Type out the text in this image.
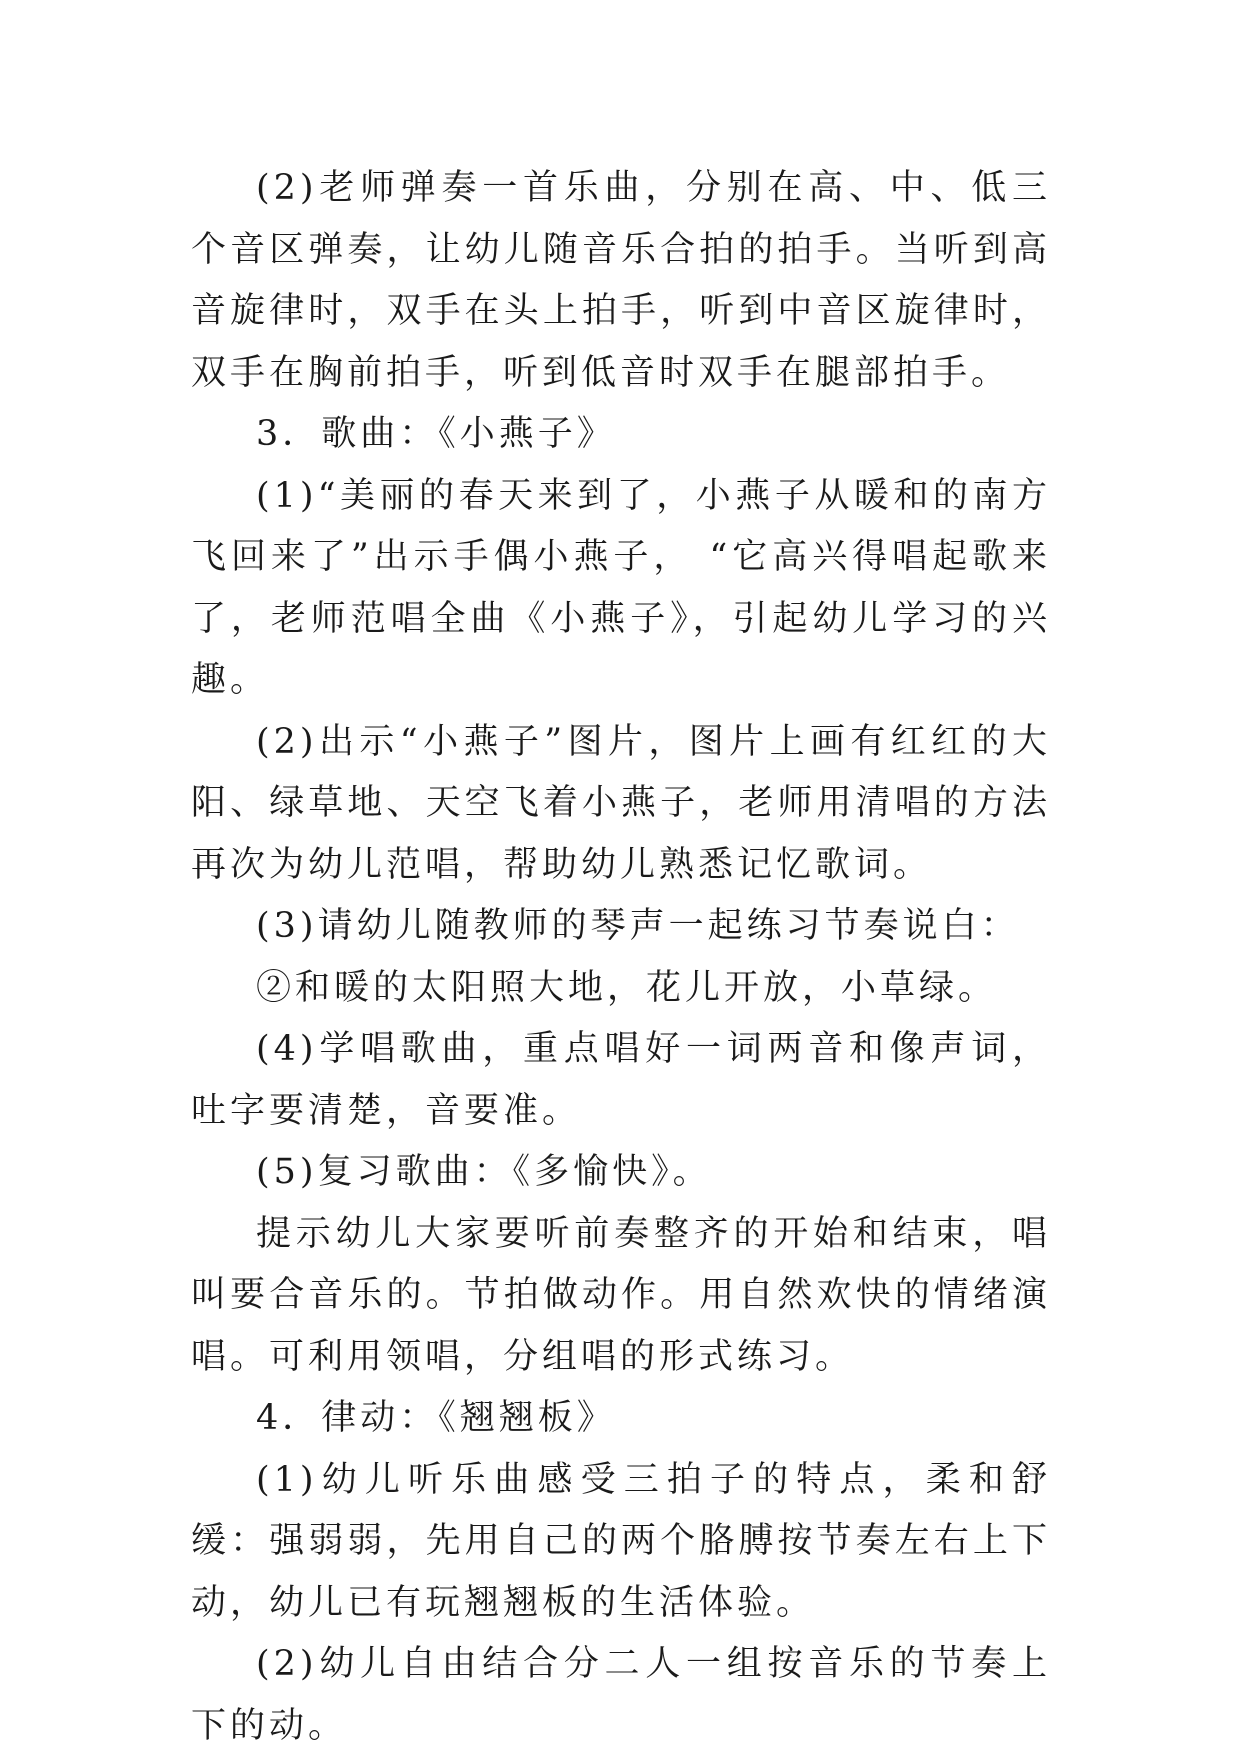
(2)老师弹奏一首乐曲，分别在高、中、低三个音区弹奏，让幼儿随音乐合拍的拍手。当听到高音旋律时，双手在头上拍手，听到中音区旋律时，双手在胸前拍手，听到低音时双手在腿部拍手。

3．歌曲：《小燕子》

(1)“美丽的春天来到了，小燕子从暖和的南方飞回来了”出示手偶小燕子， “它高兴得唱起歌来了，老师范唱全曲《小燕子》，引起幼儿学习的兴趣。

(2)出示“小燕子”图片，图片上画有红红的大阳、绿草地、天空飞着小燕子，老师用清唱的方法再次为幼儿范唱，帮助幼儿熟悉记忆歌词。

(3)请幼儿随教师的琴声一起练习节奏说白：

②和暖的太阳照大地，花儿开放，小草绿。

(4)学唱歌曲，重点唱好一词两音和像声词，吐字要清楚，音要准。

(5)复习歌曲：《多愉快》。

提示幼儿大家要听前奏整齐的开始和结束，唱叫要合音乐的。节拍做动作。用自然欢快的情绪演唱。可利用领唱，分组唱的形式练习。

4．律动：《翘翘板》

(1)幼儿听乐曲感受三拍子的特点，柔和舒缓：强弱弱，先用自己的两个胳膊按节奏左右上下动，幼儿已有玩翘翘板的生活体验。

(2)幼儿自由结合分二人一组按音乐的节奏上下的动。
